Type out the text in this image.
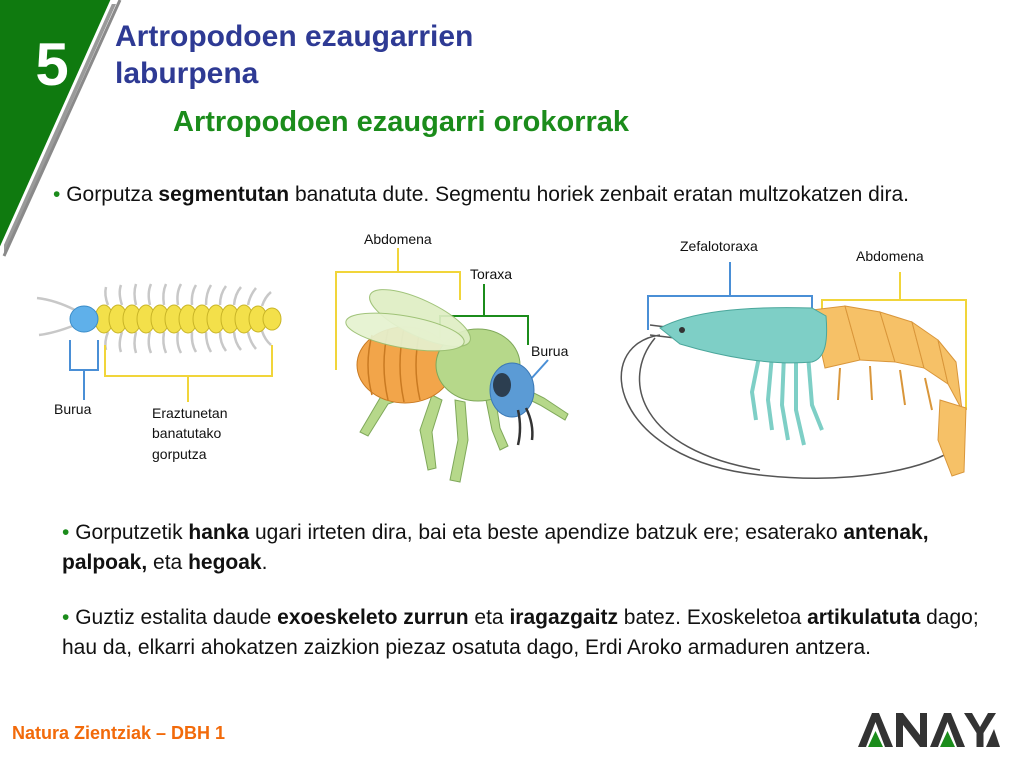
5 Artropodoen ezaugarrien laburpena
Artropodoen ezaugarri orokorrak
• Gorputza segmentutan banatuta dute. Segmentu horiek zenbait eratan multzokatzen dira.
Burua	Eraztunetan
banatutako
gorputza
Abdomena
Toraxa
Burua
Zefalotoraxa
Abdomena
• Gorputzetik hanka ugari irteten dira, bai eta beste apendize batzuk ere; esaterako antenak, palpoak, eta hegoak.
• Guztiz estalita daude exoeskeleto zurrun eta iragazgaitz batez. Exoskeletoa artikulatuta dago; hau da, elkarri ahokatzen zaizkion piezaz osatuta dago, Erdi Aroko armaduren antzera.
Natura Zientziak – DBH 1
